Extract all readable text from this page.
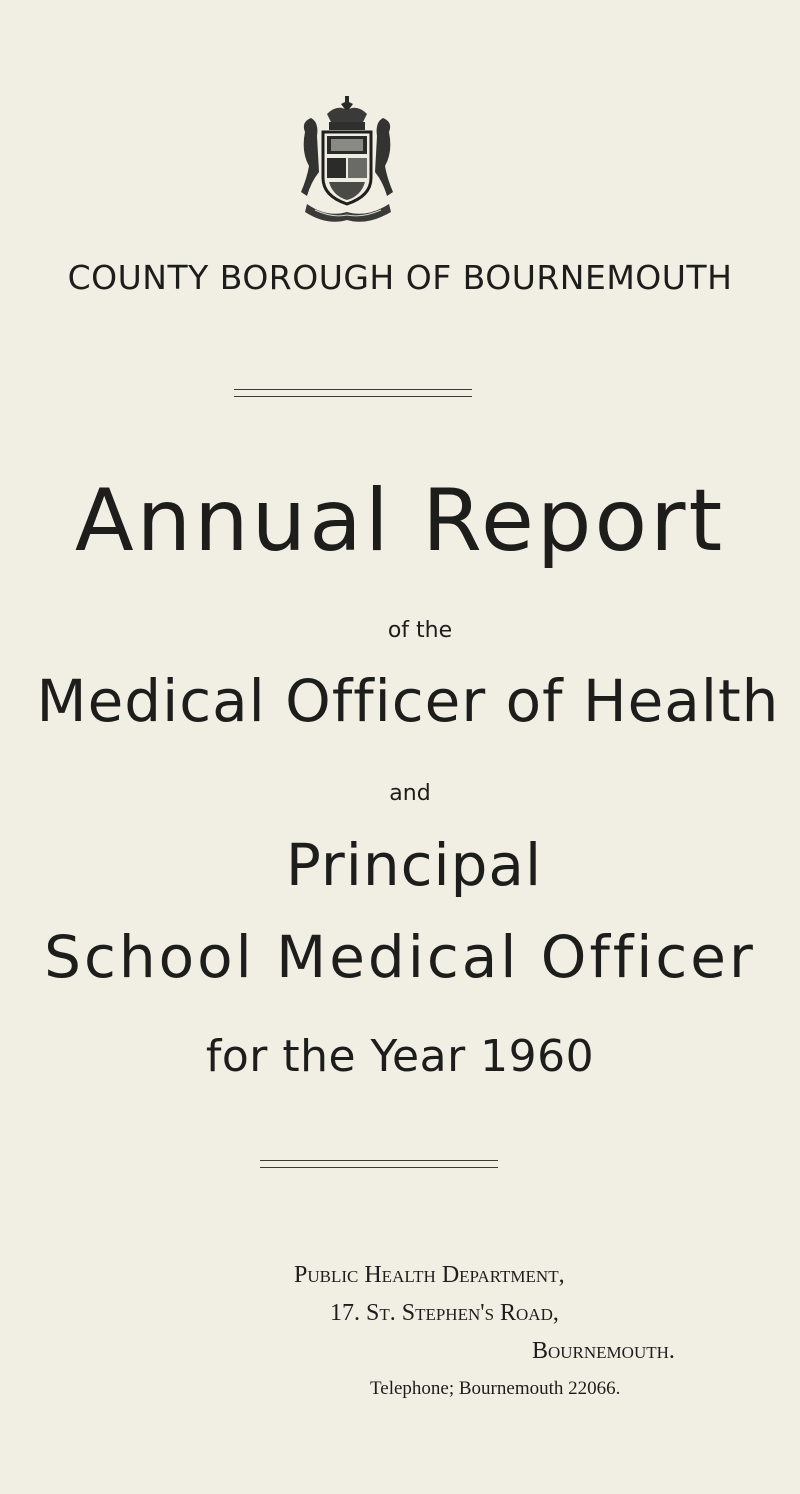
COUNTY BOROUGH OF BOURNEMOUTH
Annual Report
of the
Medical Officer of Health
and
Principal
School Medical Officer
for the Year 1960
Public Health Department,
17. St. Stephen's Road,
Bournemouth.
Telephone; Bournemouth 22066.
